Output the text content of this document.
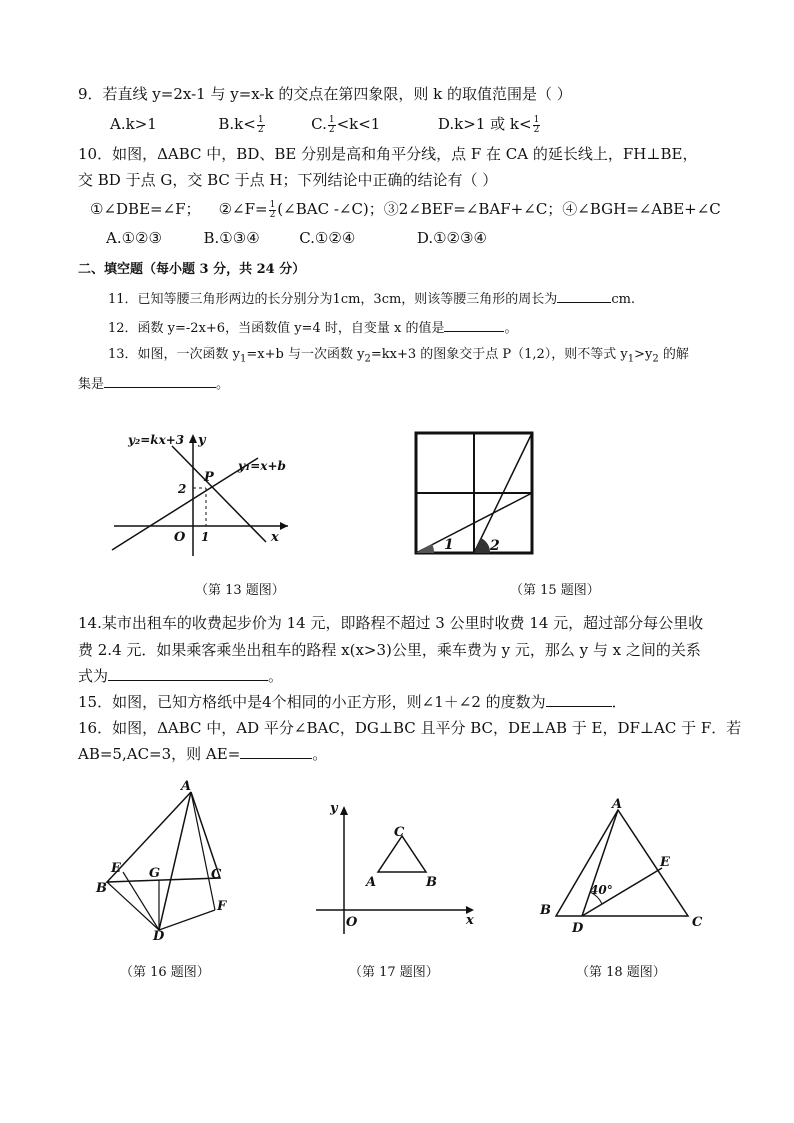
9．若直线 y=2x-1 与 y=x-k 的交点在第四象限，则 k 的取值范围是（ ）
A.k>1	$B.k< \frac{1}{2}$	C. $\frac{1}{2} <k<1$	D.k>1 或 $k< \frac{1}{2}$
10．如图，ΔABC 中，BD、BE 分别是高和角平分线，点 F 在 CA 的延长线上，FH⊥BE，
交 BD 于点 G，交 BC 于点 H；下列结论中正确的结论有（ ）
①∠DBE=∠F； ②∠F= $\frac{1}{2}$ (∠BAC -∠C)；③2∠BEF=∠BAF+∠C；④∠BGH=∠ABE+∠C
A.①②③	B.①③④	C.①②④	D.①②③④
二、填空题（每小题 3 分，共 24 分）
11．已知等腰三角形两边的长分别分为1cm，3cm，则该等腰三角形的周长为	cm.
12．函数 y=-2x+6，当函数值 y=4 时，自变量 x 的值是	。
13．如图，一次函数 $y_1=x+b$ 与一次函数 $y_2=kx+3$ 的图象交于点 P（1,2），则不等式 $y_1>y_2$ 的解
集是	。
y₂=kx+3 y
y₁=x+b
P
2
O 1	x
（第 13 题图）
1	2
（第 15 题图）
14.某市出租车的收费起步价为 14 元，即路程不超过 3 公里时收费 14 元，超过部分每公里收
费 2.4 元．如果乘客乘坐出租车的路程 x(x>3)公里，乘车费为 y 元，那么 y 与 x 之间的关系
式为	。
15．如图，已知方格纸中是4个相同的小正方形，则∠1＋∠2 的度数为	．
16．如图，ΔABC 中，AD 平分∠BAC，DG⊥BC 且平分 BC，DE⊥AB 于 E，DF⊥AC 于 F．若
AB=5,AC=3，则 AE=	。
A
B
C
D
E
F
G
（第 16 题图）
y
x
O
A	B
C
（第 17 题图）
A
B
C
D
E
40°
（第 18 题图）
